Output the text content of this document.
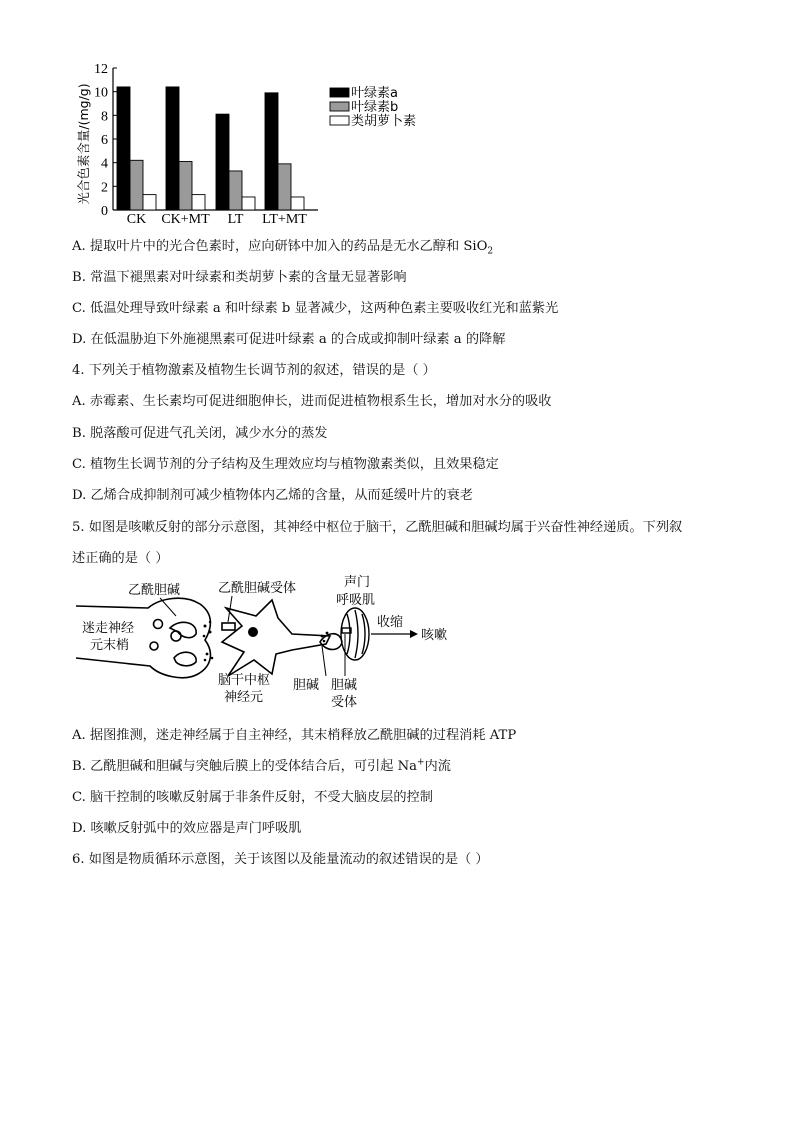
0
2
4
6
8
10
12
CK CK+MT LT LT+MT
光合色素含量/(mg/g)	叶绿素a
叶绿素b
类胡萝卜素
A. 提取叶片中的光合色素时，应向研钵中加入的药品是无水乙醇和 SiO$_2$
B. 常温下褪黑素对叶绿素和类胡萝卜素的含量无显著影响
C. 低温处理导致叶绿素 a 和叶绿素 b 显著减少，这两种色素主要吸收红光和蓝紫光
D. 在低温胁迫下外施褪黑素可促进叶绿素 a 的合成或抑制叶绿素 a 的降解
4. 下列关于植物激素及植物生长调节剂的叙述，错误的是（ ）
A. 赤霉素、生长素均可促进细胞伸长，进而促进植物根系生长，增加对水分的吸收
B. 脱落酸可促进气孔关闭，减少水分的蒸发
C. 植物生长调节剂的分子结构及生理效应均与植物激素类似，且效果稳定
D. 乙烯合成抑制剂可减少植物体内乙烯的含量，从而延缓叶片的衰老
5. 如图是咳嗽反射的部分示意图，其神经中枢位于脑干，乙酰胆碱和胆碱均属于兴奋性神经递质。下列叙
述正确的是（ ）
乙酰胆碱	乙酰胆碱受体	声门
呼吸肌
迷走神经
元末梢
收缩
咳嗽
脑干中枢
神经元
胆碱 胆碱
受体
A. 据图推测，迷走神经属于自主神经，其末梢释放乙酰胆碱的过程消耗 ATP
B. 乙酰胆碱和胆碱与突触后膜上的受体结合后，可引起 Na+内流
C. 脑干控制的咳嗽反射属于非条件反射，不受大脑皮层的控制
D. 咳嗽反射弧中的效应器是声门呼吸肌
6. 如图是物质循环示意图，关于该图以及能量流动的叙述错误的是（ ）
